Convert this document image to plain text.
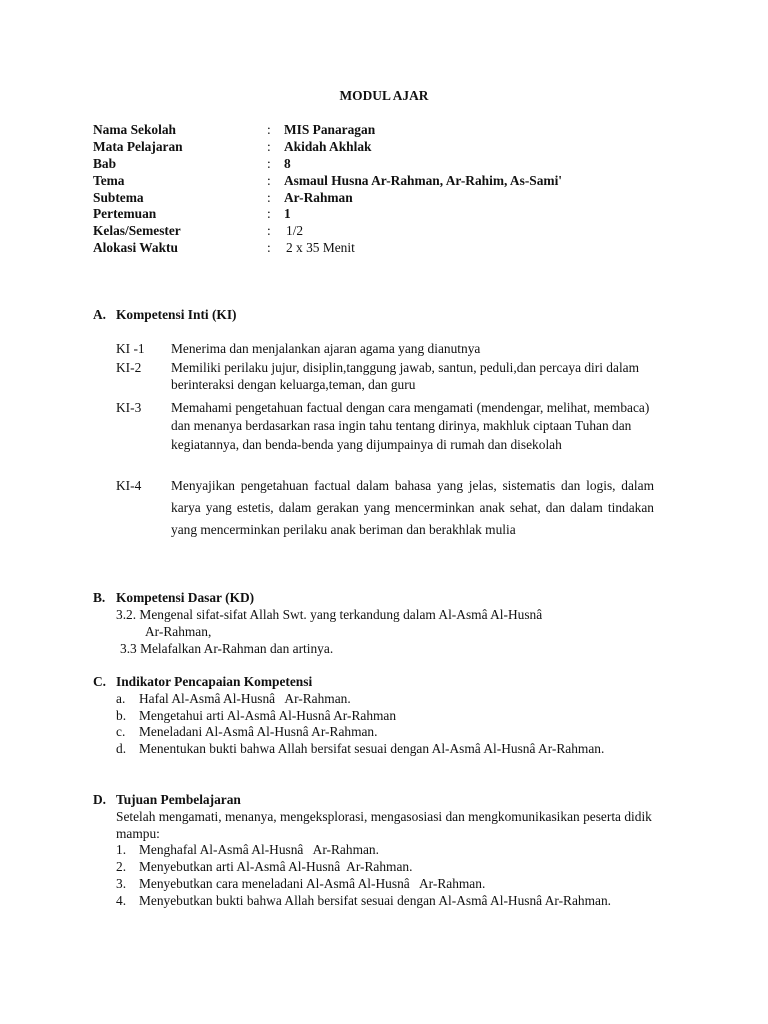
MODUL AJAR
Nama Sekolah	: MIS Panaragan
Mata Pelajaran	: Akidah Akhlak
Bab	: 8
Tema	: Asmaul Husna Ar-Rahman, Ar-Rahim, As-Sami'
Subtema	: Ar-Rahman
Pertemuan	: 1
Kelas/Semester	: 1/2
Alokasi Waktu	: 2 x 35 Menit
A. Kompetensi Inti (KI)
KI -1 Menerima dan menjalankan ajaran agama yang dianutnya
KI-2 Memiliki perilaku jujur, disiplin,tanggung jawab, santun, peduli,dan percaya diri dalam berinteraksi dengan keluarga,teman, dan guru
KI-3 Memahami pengetahuan factual dengan cara mengamati (mendengar, melihat, membaca) dan menanya berdasarkan rasa ingin tahu tentang dirinya, makhluk ciptaan Tuhan dan kegiatannya, dan benda-benda yang dijumpainya di rumah dan disekolah
KI-4 Menyajikan pengetahuan factual dalam bahasa yang jelas, sistematis dan logis, dalam karya yang estetis, dalam gerakan yang mencerminkan anak sehat, dan dalam tindakan yang mencerminkan perilaku anak beriman dan berakhlak mulia
B. Kompetensi Dasar (KD)
3.2. Mengenal sifat-sifat Allah Swt. yang terkandung dalam Al-Asmâ Al-Husnâ
Ar-Rahman,
3.3 Melafalkan Ar-Rahman dan artinya.
C. Indikator Pencapaian Kompetensi
a. Hafal Al-Asmâ Al-Husnâ   Ar-Rahman.
b. Mengetahui arti Al-Asmâ Al-Husnâ Ar-Rahman
c. Meneladani Al-Asmâ Al-Husnâ Ar-Rahman.
d. Menentukan bukti bahwa Allah bersifat sesuai dengan Al-Asmâ Al-Husnâ Ar-Rahman.
D. Tujuan Pembelajaran
Setelah mengamati, menanya, mengeksplorasi, mengasosiasi dan mengkomunikasikan peserta didik mampu:
1. Menghafal Al-Asmâ Al-Husnâ   Ar-Rahman.
2. Menyebutkan arti Al-Asmâ Al-Husnâ  Ar-Rahman.
3. Menyebutkan cara meneladani Al-Asmâ Al-Husnâ   Ar-Rahman.
4. Menyebutkan bukti bahwa Allah bersifat sesuai dengan Al-Asmâ Al-Husnâ Ar-Rahman.
